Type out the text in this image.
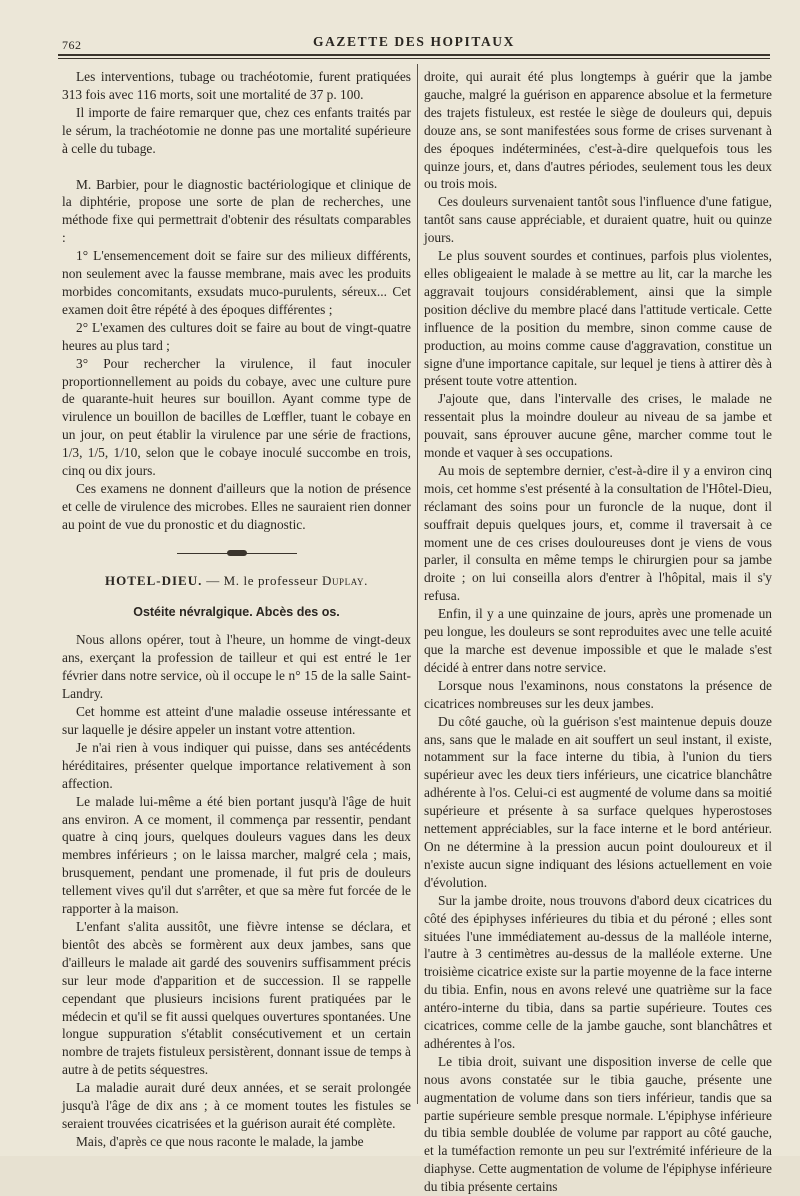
762	GAZETTE DES HOPITAUX

Les interventions, tubage ou trachéotomie, furent pratiquées 313 fois avec 116 morts, soit une mortalité de 37 p. 100.

Il importe de faire remarquer que, chez ces enfants traités par le sérum, la trachéotomie ne donne pas une mortalité supérieure à celle du tubage.

M. Barbier, pour le diagnostic bactériologique et clinique de la diphtérie, propose une sorte de plan de recherches, une méthode fixe qui permettrait d'obtenir des résultats comparables :

1° L'ensemencement doit se faire sur des milieux différents, non seulement avec la fausse membrane, mais avec les produits morbides concomitants, exsudats muco-purulents, séreux... Cet examen doit être répété à des époques différentes ;

2° L'examen des cultures doit se faire au bout de vingt-quatre heures au plus tard ;

3° Pour rechercher la virulence, il faut inoculer proportionnellement au poids du cobaye, avec une culture pure de quarante-huit heures sur bouillon. Ayant comme type de virulence un bouillon de bacilles de Lœffler, tuant le cobaye en un jour, on peut établir la virulence par une série de fractions, 1/3, 1/5, 1/10, selon que le cobaye inoculé succombe en trois, cinq ou dix jours.

Ces examens ne donnent d'ailleurs que la notion de présence et celle de virulence des microbes. Elles ne sauraient rien donner au point de vue du pronostic et du diagnostic.

HOTEL-DIEU. — M. le professeur Duplay.
Ostéite névralgique. Abcès des os.

Nous allons opérer, tout à l'heure, un homme de vingt-deux ans, exerçant la profession de tailleur et qui est entré le 1er février dans notre service, où il occupe le n° 15 de la salle Saint-Landry.

Cet homme est atteint d'une maladie osseuse intéressante et sur laquelle je désire appeler un instant votre attention.

Je n'ai rien à vous indiquer qui puisse, dans ses antécédents héréditaires, présenter quelque importance relativement à son affection.

Le malade lui-même a été bien portant jusqu'à l'âge de huit ans environ. A ce moment, il commença par ressentir, pendant quatre à cinq jours, quelques douleurs vagues dans les deux membres inférieurs ; on le laissa marcher, malgré cela ; mais, brusquement, pendant une promenade, il fut pris de douleurs tellement vives qu'il dut s'arrêter, et que sa mère fut forcée de le rapporter à la maison.

L'enfant s'alita aussitôt, une fièvre intense se déclara, et bientôt des abcès se formèrent aux deux jambes, sans que d'ailleurs le malade ait gardé des souvenirs suffisamment précis sur leur mode d'apparition et de succession. Il se rappelle cependant que plusieurs incisions furent pratiquées par le médecin et qu'il se fit aussi quelques ouvertures spontanées. Une longue suppuration s'établit consécutivement et un certain nombre de trajets fistuleux persistèrent, donnant issue de temps à autre à de petits séquestres.

La maladie aurait duré deux années, et se serait prolongée jusqu'à l'âge de dix ans ; à ce moment toutes les fistules se seraient trouvées cicatrisées et la guérison aurait été complète.

Mais, d'après ce que nous raconte le malade, la jambe

droite, qui aurait été plus longtemps à guérir que la jambe gauche, malgré la guérison en apparence absolue et la fermeture des trajets fistuleux, est restée le siège de douleurs qui, depuis douze ans, se sont manifestées sous forme de crises survenant à des époques indéterminées, c'est-à-dire quelquefois tous les quinze jours, et, dans d'autres périodes, seulement tous les deux ou trois mois.

Ces douleurs survenaient tantôt sous l'influence d'une fatigue, tantôt sans cause appréciable, et duraient quatre, huit ou quinze jours.

Le plus souvent sourdes et continues, parfois plus violentes, elles obligeaient le malade à se mettre au lit, car la marche les aggravait toujours considérablement, ainsi que la simple position déclive du membre placé dans l'attitude verticale. Cette influence de la position du membre, sinon comme cause de production, au moins comme cause d'aggravation, constitue un signe d'une importance capitale, sur lequel je tiens à attirer dès à présent toute votre attention.

J'ajoute que, dans l'intervalle des crises, le malade ne ressentait plus la moindre douleur au niveau de sa jambe et pouvait, sans éprouver aucune gêne, marcher comme tout le monde et vaquer à ses occupations.

Au mois de septembre dernier, c'est-à-dire il y a environ cinq mois, cet homme s'est présenté à la consultation de l'Hôtel-Dieu, réclamant des soins pour un furoncle de la nuque, dont il souffrait depuis quelques jours, et, comme il traversait à ce moment une de ces crises douloureuses dont je viens de vous parler, il consulta en même temps le chirurgien pour sa jambe droite ; on lui conseilla alors d'entrer à l'hôpital, mais il s'y refusa.

Enfin, il y a une quinzaine de jours, après une promenade un peu longue, les douleurs se sont reproduites avec une telle acuité que la marche est devenue impossible et que le malade s'est décidé à entrer dans notre service.

Lorsque nous l'examinons, nous constatons la présence de cicatrices nombreuses sur les deux jambes.

Du côté gauche, où la guérison s'est maintenue depuis douze ans, sans que le malade en ait souffert un seul instant, il existe, notamment sur la face interne du tibia, à l'union du tiers supérieur avec les deux tiers inférieurs, une cicatrice blanchâtre adhérente à l'os. Celui-ci est augmenté de volume dans sa moitié supérieure et présente à sa surface quelques hyperostoses nettement appréciables, sur la face interne et le bord antérieur. On ne détermine à la pression aucun point douloureux et il n'existe aucun signe indiquant des lésions actuellement en voie d'évolution.

Sur la jambe droite, nous trouvons d'abord deux cicatrices du côté des épiphyses inférieures du tibia et du péroné ; elles sont situées l'une immédiatement au-dessus de la malléole interne, l'autre à 3 centimètres au-dessus de la malléole externe. Une troisième cicatrice existe sur la partie moyenne de la face interne du tibia. Enfin, nous en avons relevé une quatrième sur la face antéro-interne du tibia, dans sa partie supérieure. Toutes ces cicatrices, comme celle de la jambe gauche, sont blanchâtres et adhérentes à l'os.

Le tibia droit, suivant une disposition inverse de celle que nous avons constatée sur le tibia gauche, présente une augmentation de volume dans son tiers inférieur, tandis que sa partie supérieure semble presque normale. L'épiphyse inférieure du tibia semble doublée de volume par rapport au côté gauche, et la tuméfaction remonte un peu sur l'extrémité inférieure de la diaphyse. Cette augmentation de volume de l'épiphyse inférieure du tibia présente certains
